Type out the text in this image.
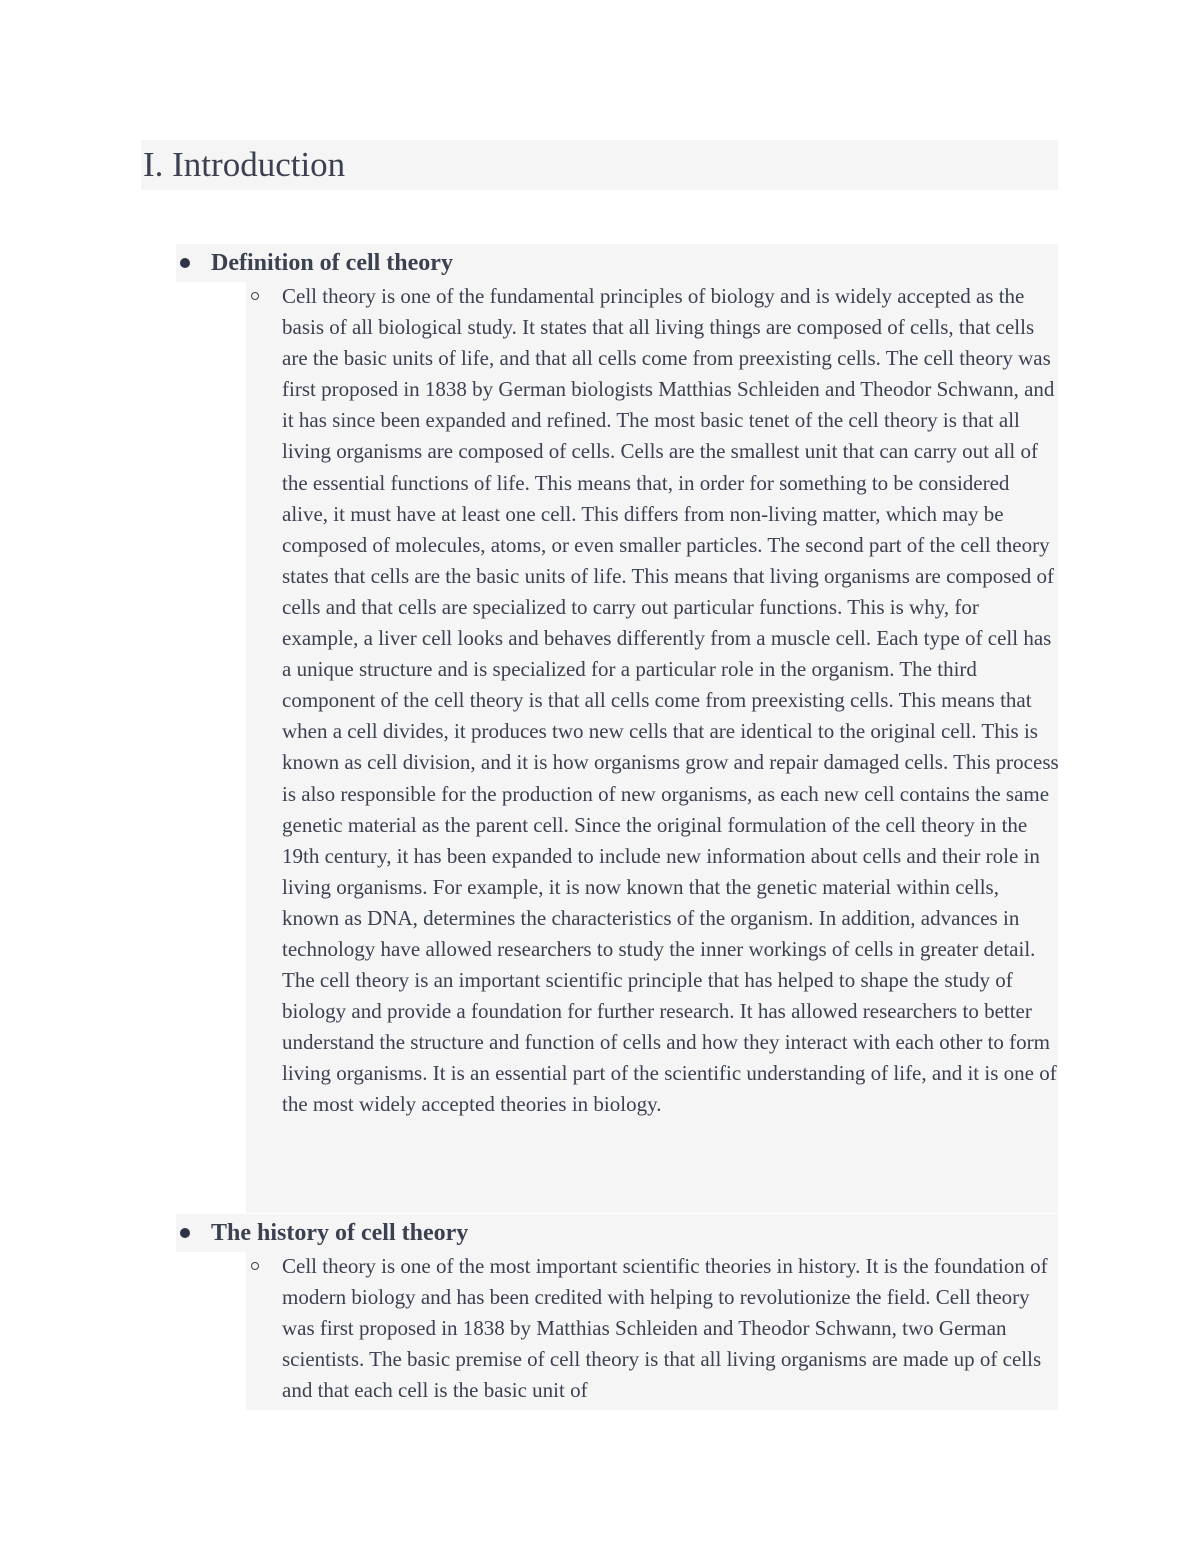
I. Introduction
Definition of cell theory

Cell theory is one of the fundamental principles of biology and is widely accepted as the basis of all biological study. It states that all living things are composed of cells, that cells are the basic units of life, and that all cells come from preexisting cells. The cell theory was first proposed in 1838 by German biologists Matthias Schleiden and Theodor Schwann, and it has since been expanded and refined. The most basic tenet of the cell theory is that all living organisms are composed of cells. Cells are the smallest unit that can carry out all of the essential functions of life. This means that, in order for something to be considered alive, it must have at least one cell. This differs from non-living matter, which may be composed of molecules, atoms, or even smaller particles. The second part of the cell theory states that cells are the basic units of life. This means that living organisms are composed of cells and that cells are specialized to carry out particular functions. This is why, for example, a liver cell looks and behaves differently from a muscle cell. Each type of cell has a unique structure and is specialized for a particular role in the organism. The third component of the cell theory is that all cells come from preexisting cells. This means that when a cell divides, it produces two new cells that are identical to the original cell. This is known as cell division, and it is how organisms grow and repair damaged cells. This process is also responsible for the production of new organisms, as each new cell contains the same genetic material as the parent cell. Since the original formulation of the cell theory in the 19th century, it has been expanded to include new information about cells and their role in living organisms. For example, it is now known that the genetic material within cells, known as DNA, determines the characteristics of the organism. In addition, advances in technology have allowed researchers to study the inner workings of cells in greater detail. The cell theory is an important scientific principle that has helped to shape the study of biology and provide a foundation for further research. It has allowed researchers to better understand the structure and function of cells and how they interact with each other to form living organisms. It is an essential part of the scientific understanding of life, and it is one of the most widely accepted theories in biology.

The history of cell theory

Cell theory is one of the most important scientific theories in history. It is the foundation of modern biology and has been credited with helping to revolutionize the field. Cell theory was first proposed in 1838 by Matthias Schleiden and Theodor Schwann, two German scientists. The basic premise of cell theory is that all living organisms are made up of cells and that each cell is the basic unit of
